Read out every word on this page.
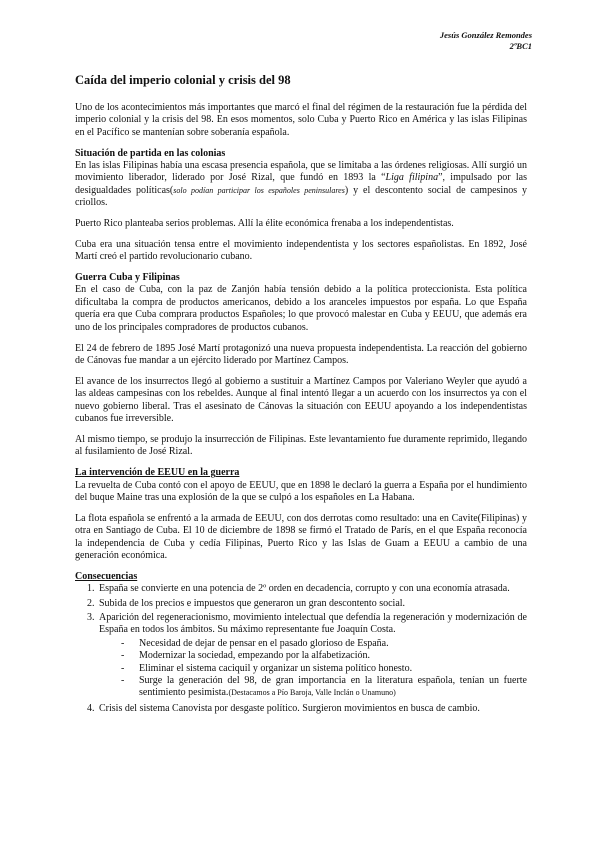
Jesús González Remondes
2ºBC1
Caída del imperio colonial y crisis del 98

Uno de los acontecimientos más importantes que marcó el final del régimen de la restauración fue la pérdida del imperio colonial y la crisis del 98. En esos momentos, solo Cuba y Puerto Rico en América y las islas Filipinas en el Pacífico se mantenían sobre soberanía española.

Situación de partida en las colonias

En las islas Filipinas había una escasa presencia española, que se limitaba a las órdenes religiosas. Allí surgió un movimiento liberador, liderado por José Rizal, que fundó en 1893 la “Liga filipina”, impulsado por las desigualdades políticas(solo podían participar los españoles peninsulares) y el descontento social de campesinos y criollos.

Puerto Rico planteaba serios problemas. Allí la élite económica frenaba a los independentistas.

Cuba era una situación tensa entre el movimiento independentista y los sectores españolistas. En 1892, José Martí creó el partido revolucionario cubano.

Guerra Cuba y Filipinas

En el caso de Cuba, con la paz de Zanjón había tensión debido a la política proteccionista. Esta política dificultaba la compra de productos americanos, debido a los aranceles impuestos por españa. Lo que España quería era que Cuba comprara productos Españoles; lo que provocó malestar en Cuba y EEUU, que además era uno de los principales compradores de productos cubanos.

El 24 de febrero de 1895 José Martí protagonizó una nueva propuesta independentista. La reacción del gobierno de Cánovas fue mandar a un ejército liderado por Martínez Campos.

El avance de los insurrectos llegó al gobierno a sustituir a Martínez Campos por Valeriano Weyler que ayudó a las aldeas campesinas con los rebeldes. Aunque al final intentó llegar a un acuerdo con los insurrectos ya con el nuevo gobierno liberal. Tras el asesinato de Cánovas la situación con EEUU apoyando a los independentistas cubanos fue irreversible.

Al mismo tiempo, se produjo la insurrección de Filipinas. Este levantamiento fue duramente reprimido, llegando al fusilamiento de José Rizal.

La intervención de EEUU en la guerra

La revuelta de Cuba contó con el apoyo de EEUU, que en 1898 le declaró la guerra a España por el hundimiento del buque Maine tras una explosión de la que se culpó a los españoles en La Habana.

La flota española se enfrentó a la armada de EEUU, con dos derrotas como resultado: una en Cavite(Filipinas) y otra en Santiago de Cuba. El 10 de diciembre de 1898 se firmó el Tratado de París, en el que España reconocía la independencia de Cuba y cedía Filipinas, Puerto Rico y las Islas de Guam a EEUU a cambio de una generación económica.

Consecuencias
1. España se convierte en una potencia de 2º orden en decadencia, corrupto y con una economía atrasada.
2. Subida de los precios e impuestos que generaron un gran descontento social.
3. Aparición del regeneracionismo, movimiento intelectual que defendía la regeneración y modernización de España en todos los ámbitos. Su máximo representante fue Joaquín Costa.
- Necesidad de dejar de pensar en el pasado glorioso de España.
- Modernizar la sociedad, empezando por la alfabetización.
- Eliminar el sistema caciquil y organizar un sistema político honesto.
- Surge la generación del 98, de gran importancia en la literatura española, tenían un fuerte sentimiento pesimista.(Destacamos a Pío Baroja, Valle Inclán o Unamuno)
4. Crisis del sistema Canovista por desgaste político. Surgieron movimientos en busca de cambio.
